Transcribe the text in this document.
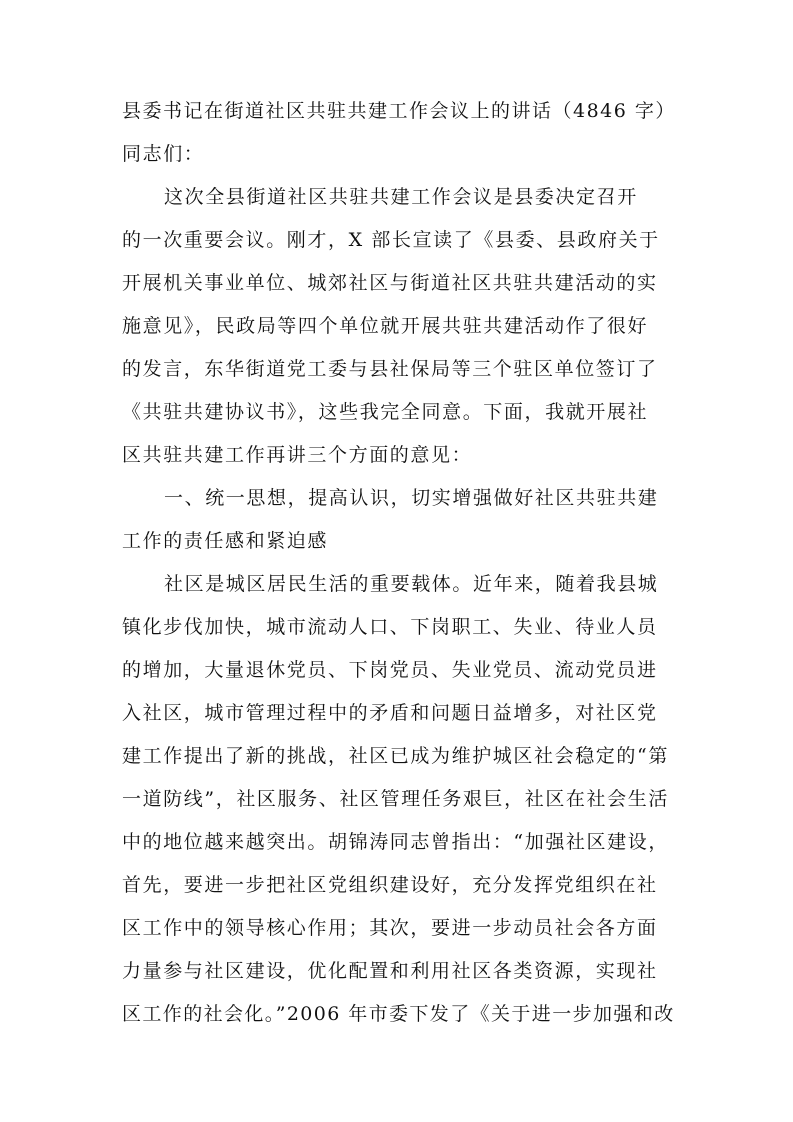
县委书记在街道社区共驻共建工作会议上的讲话（4846 字）
同志们：
这次全县街道社区共驻共建工作会议是县委决定召开
的一次重要会议。刚才，X 部长宣读了《县委、县政府关于
开展机关事业单位、城郊社区与街道社区共驻共建活动的实
施意见》，民政局等四个单位就开展共驻共建活动作了很好
的发言，东华街道党工委与县社保局等三个驻区单位签订了
《共驻共建协议书》，这些我完全同意。下面，我就开展社
区共驻共建工作再讲三个方面的意见：
一、统一思想，提高认识，切实增强做好社区共驻共建
工作的责任感和紧迫感
社区是城区居民生活的重要载体。近年来，随着我县城
镇化步伐加快，城市流动人口、下岗职工、失业、待业人员
的增加，大量退休党员、下岗党员、失业党员、流动党员进
入社区，城市管理过程中的矛盾和问题日益增多，对社区党
建工作提出了新的挑战，社区已成为维护城区社会稳定的“第
一道防线”，社区服务、社区管理任务艰巨，社区在社会生活
中的地位越来越突出。胡锦涛同志曾指出：“加强社区建设，
首先，要进一步把社区党组织建设好，充分发挥党组织在社
区工作中的领导核心作用；其次，要进一步动员社会各方面
力量参与社区建设，优化配置和利用社区各类资源，实现社
区工作的社会化。”2006 年市委下发了《关于进一步加强和改
